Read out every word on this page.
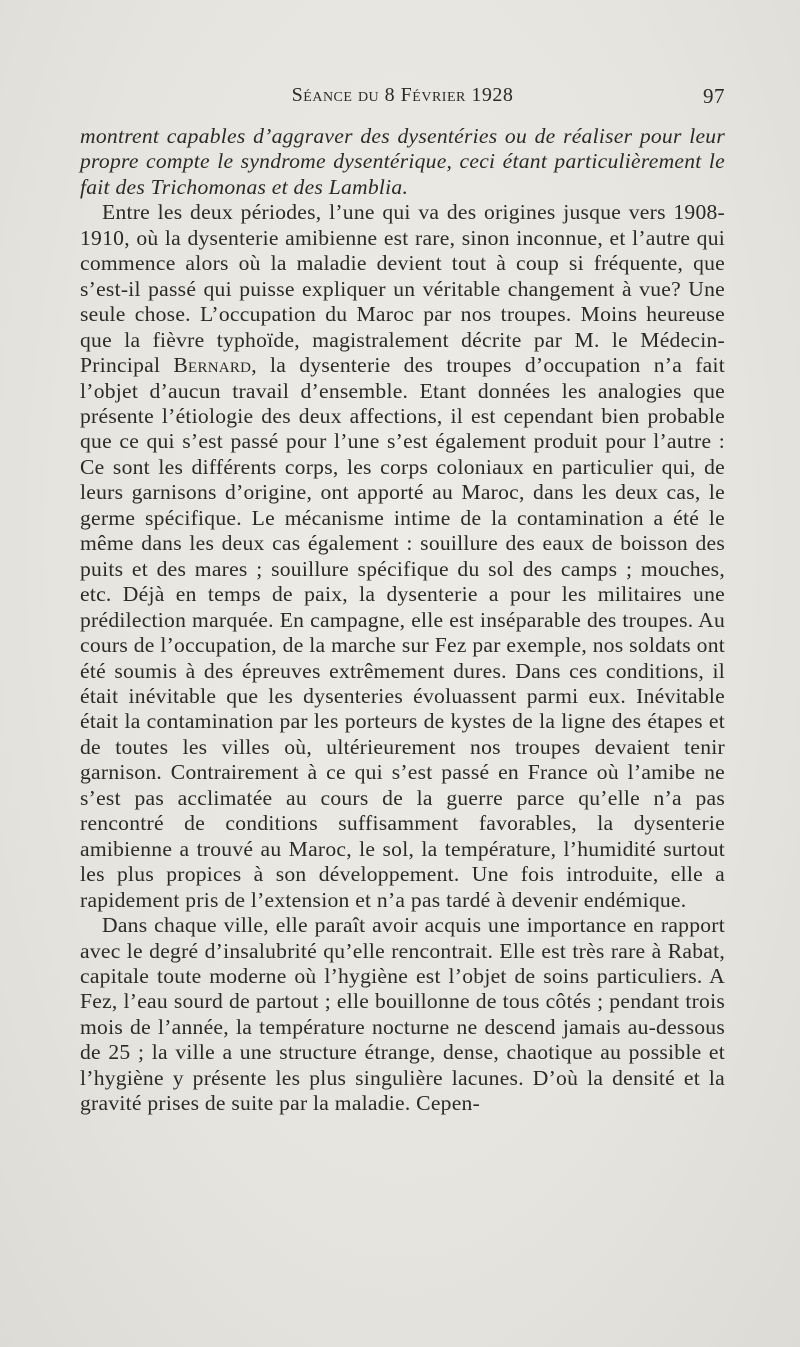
Séance du 8 Février 1928	97

montrent capables d’aggraver des dysentéries ou de réaliser pour leur propre compte le syndrome dysentérique, ceci étant particulièrement le fait des Trichomonas et des Lamblia.

Entre les deux périodes, l’une qui va des origines jusque vers 1908-1910, où la dysenterie amibienne est rare, sinon inconnue, et l’autre qui commence alors où la maladie devient tout à coup si fréquente, que s’est-il passé qui puisse expliquer un véritable changement à vue? Une seule chose. L’occupation du Maroc par nos troupes. Moins heureuse que la fièvre typhoïde, magistralement décrite par M. le Médecin-Principal Bernard, la dysenterie des troupes d’occupation n’a fait l’objet d’aucun travail d’ensemble. Etant données les analogies que présente l’étiologie des deux affections, il est cependant bien probable que ce qui s’est passé pour l’une s’est également produit pour l’autre : Ce sont les différents corps, les corps coloniaux en particulier qui, de leurs garnisons d’origine, ont apporté au Maroc, dans les deux cas, le germe spécifique. Le mécanisme intime de la contamination a été le même dans les deux cas également : souillure des eaux de boisson des puits et des mares ; souillure spécifique du sol des camps ; mouches, etc. Déjà en temps de paix, la dysenterie a pour les militaires une prédilection marquée. En campagne, elle est inséparable des troupes. Au cours de l’occupation, de la marche sur Fez par exemple, nos soldats ont été soumis à des épreuves extrêmement dures. Dans ces conditions, il était inévitable que les dysenteries évoluassent parmi eux. Inévitable était la contamination par les porteurs de kystes de la ligne des étapes et de toutes les villes où, ultérieurement nos troupes devaient tenir garnison. Contrairement à ce qui s’est passé en France où l’amibe ne s’est pas acclimatée au cours de la guerre parce qu’elle n’a pas rencontré de conditions suffisamment favorables, la dysenterie amibienne a trouvé au Maroc, le sol, la température, l’humidité surtout les plus propices à son développement. Une fois introduite, elle a rapidement pris de l’extension et n’a pas tardé à devenir endémique.

Dans chaque ville, elle paraît avoir acquis une importance en rapport avec le degré d’insalubrité qu’elle rencontrait. Elle est très rare à Rabat, capitale toute moderne où l’hygiène est l’objet de soins particuliers. A Fez, l’eau sourd de partout ; elle bouillonne de tous côtés ; pendant trois mois de l’année, la température nocturne ne descend jamais au-dessous de 25 ; la ville a une structure étrange, dense, chaotique au possible et l’hygiène y présente les plus singulière lacunes. D’où la densité et la gravité prises de suite par la maladie. Cepen-
